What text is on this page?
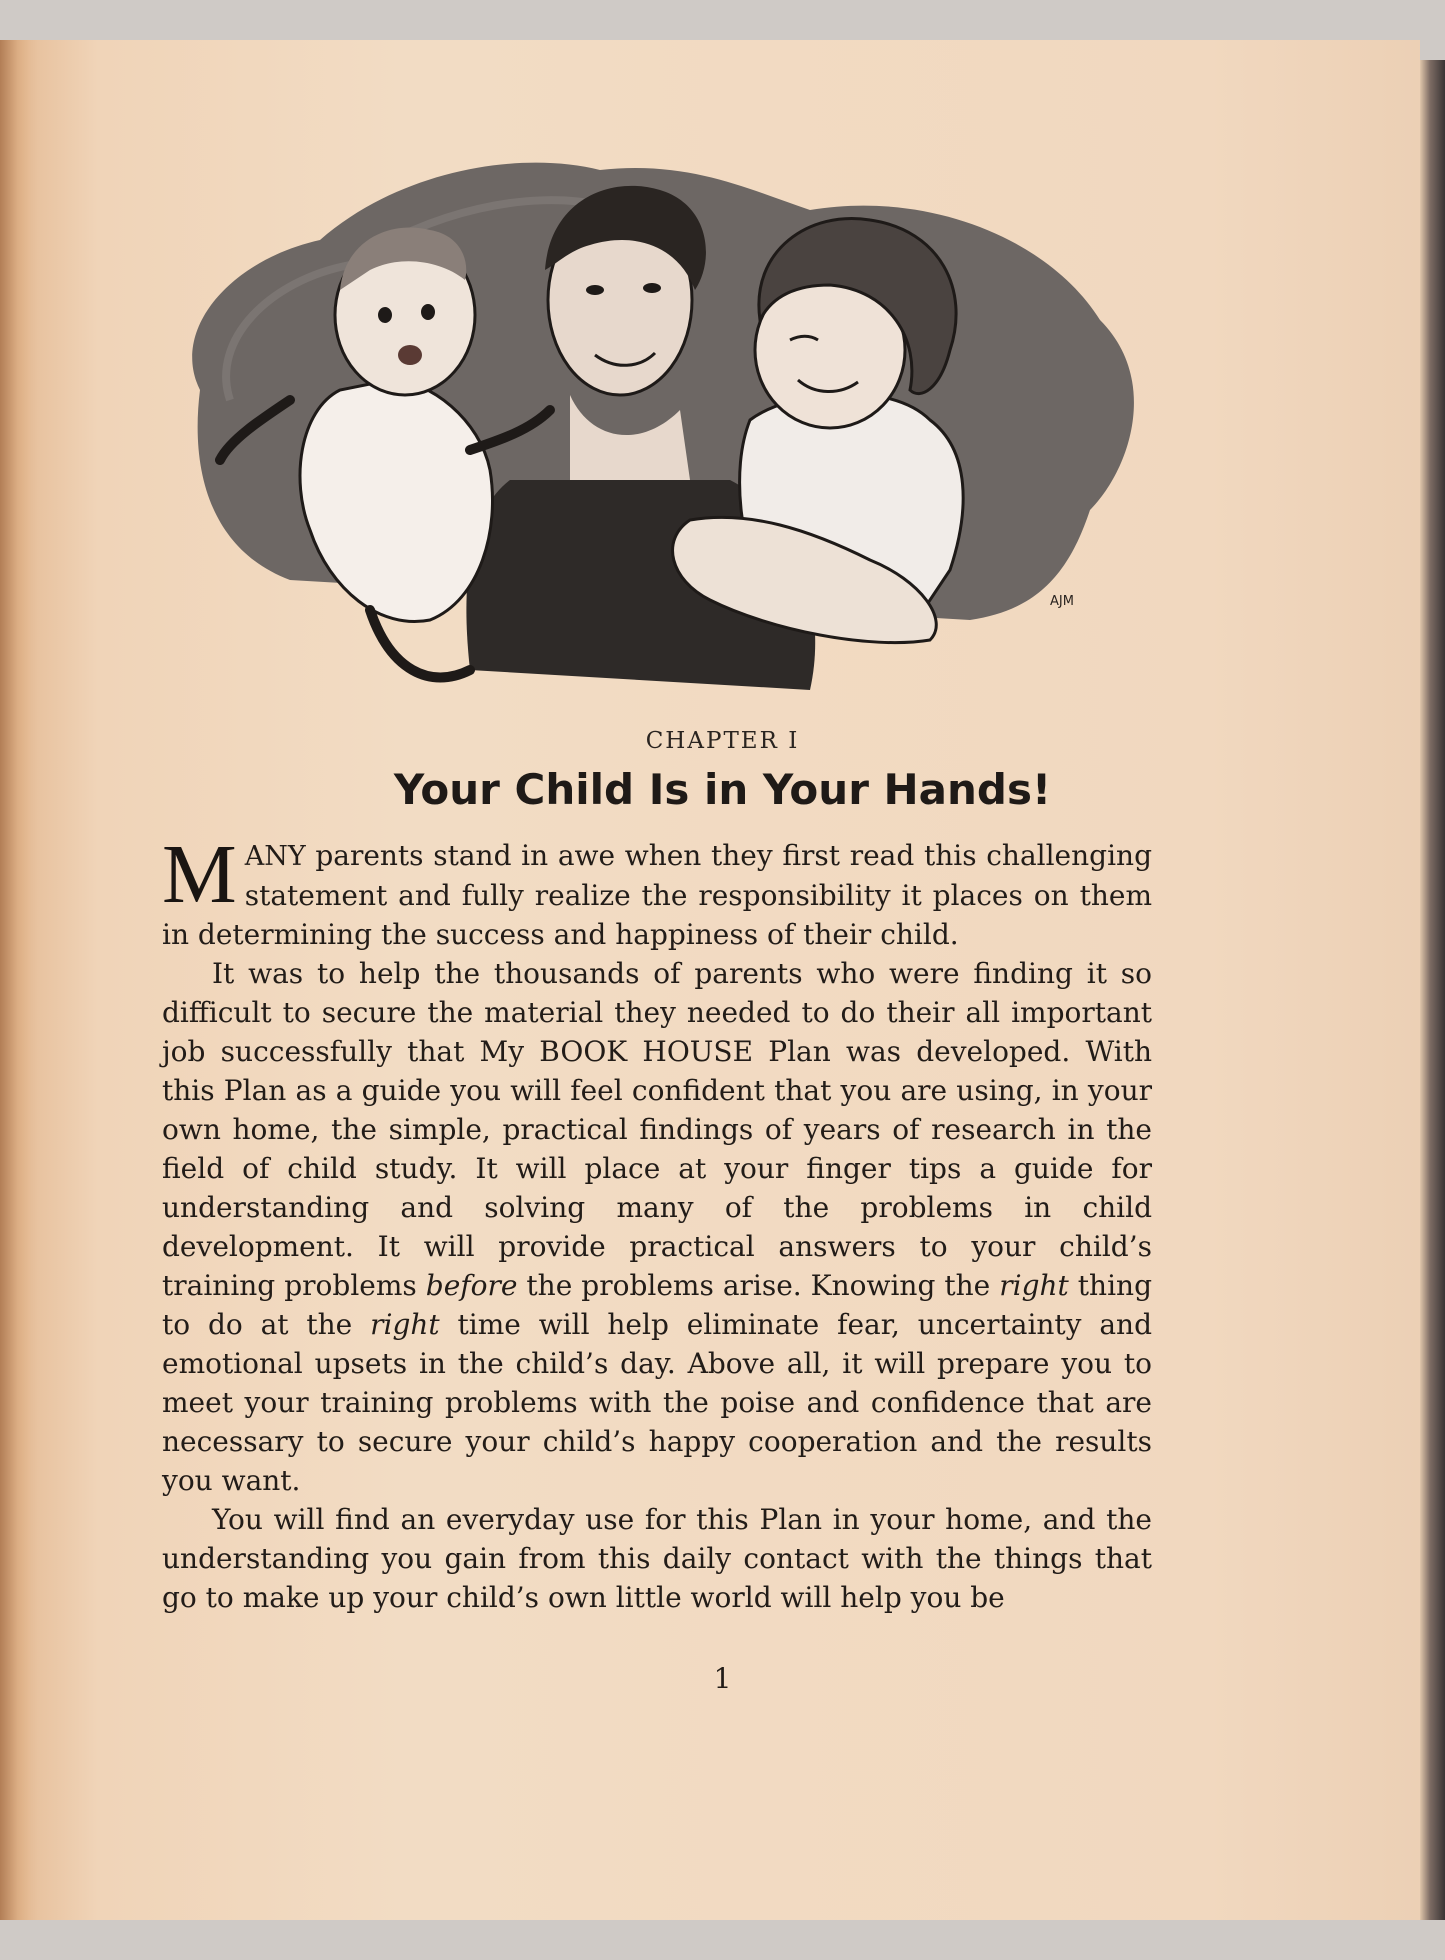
AJM
CHAPTER I
Your Child Is in Your Hands!

MANY parents stand in awe when they first read this challenging statement and fully realize the responsibility it places on them in determining the success and happiness of their child.

It was to help the thousands of parents who were finding it so difficult to secure the material they needed to do their all important job successfully that My BOOK HOUSE Plan was developed. With this Plan as a guide you will feel confident that you are using, in your own home, the simple, practical findings of years of research in the field of child study. It will place at your finger tips a guide for understanding and solving many of the problems in child development. It will provide practical answers to your child’s training problems before the problems arise. Knowing the right thing to do at the right time will help eliminate fear, uncertainty and emotional upsets in the child’s day. Above all, it will prepare you to meet your training problems with the poise and confidence that are necessary to secure your child’s happy cooperation and the results you want.

You will find an everyday use for this Plan in your home, and the understanding you gain from this daily contact with the things that go to make up your child’s own little world will help you be

1
